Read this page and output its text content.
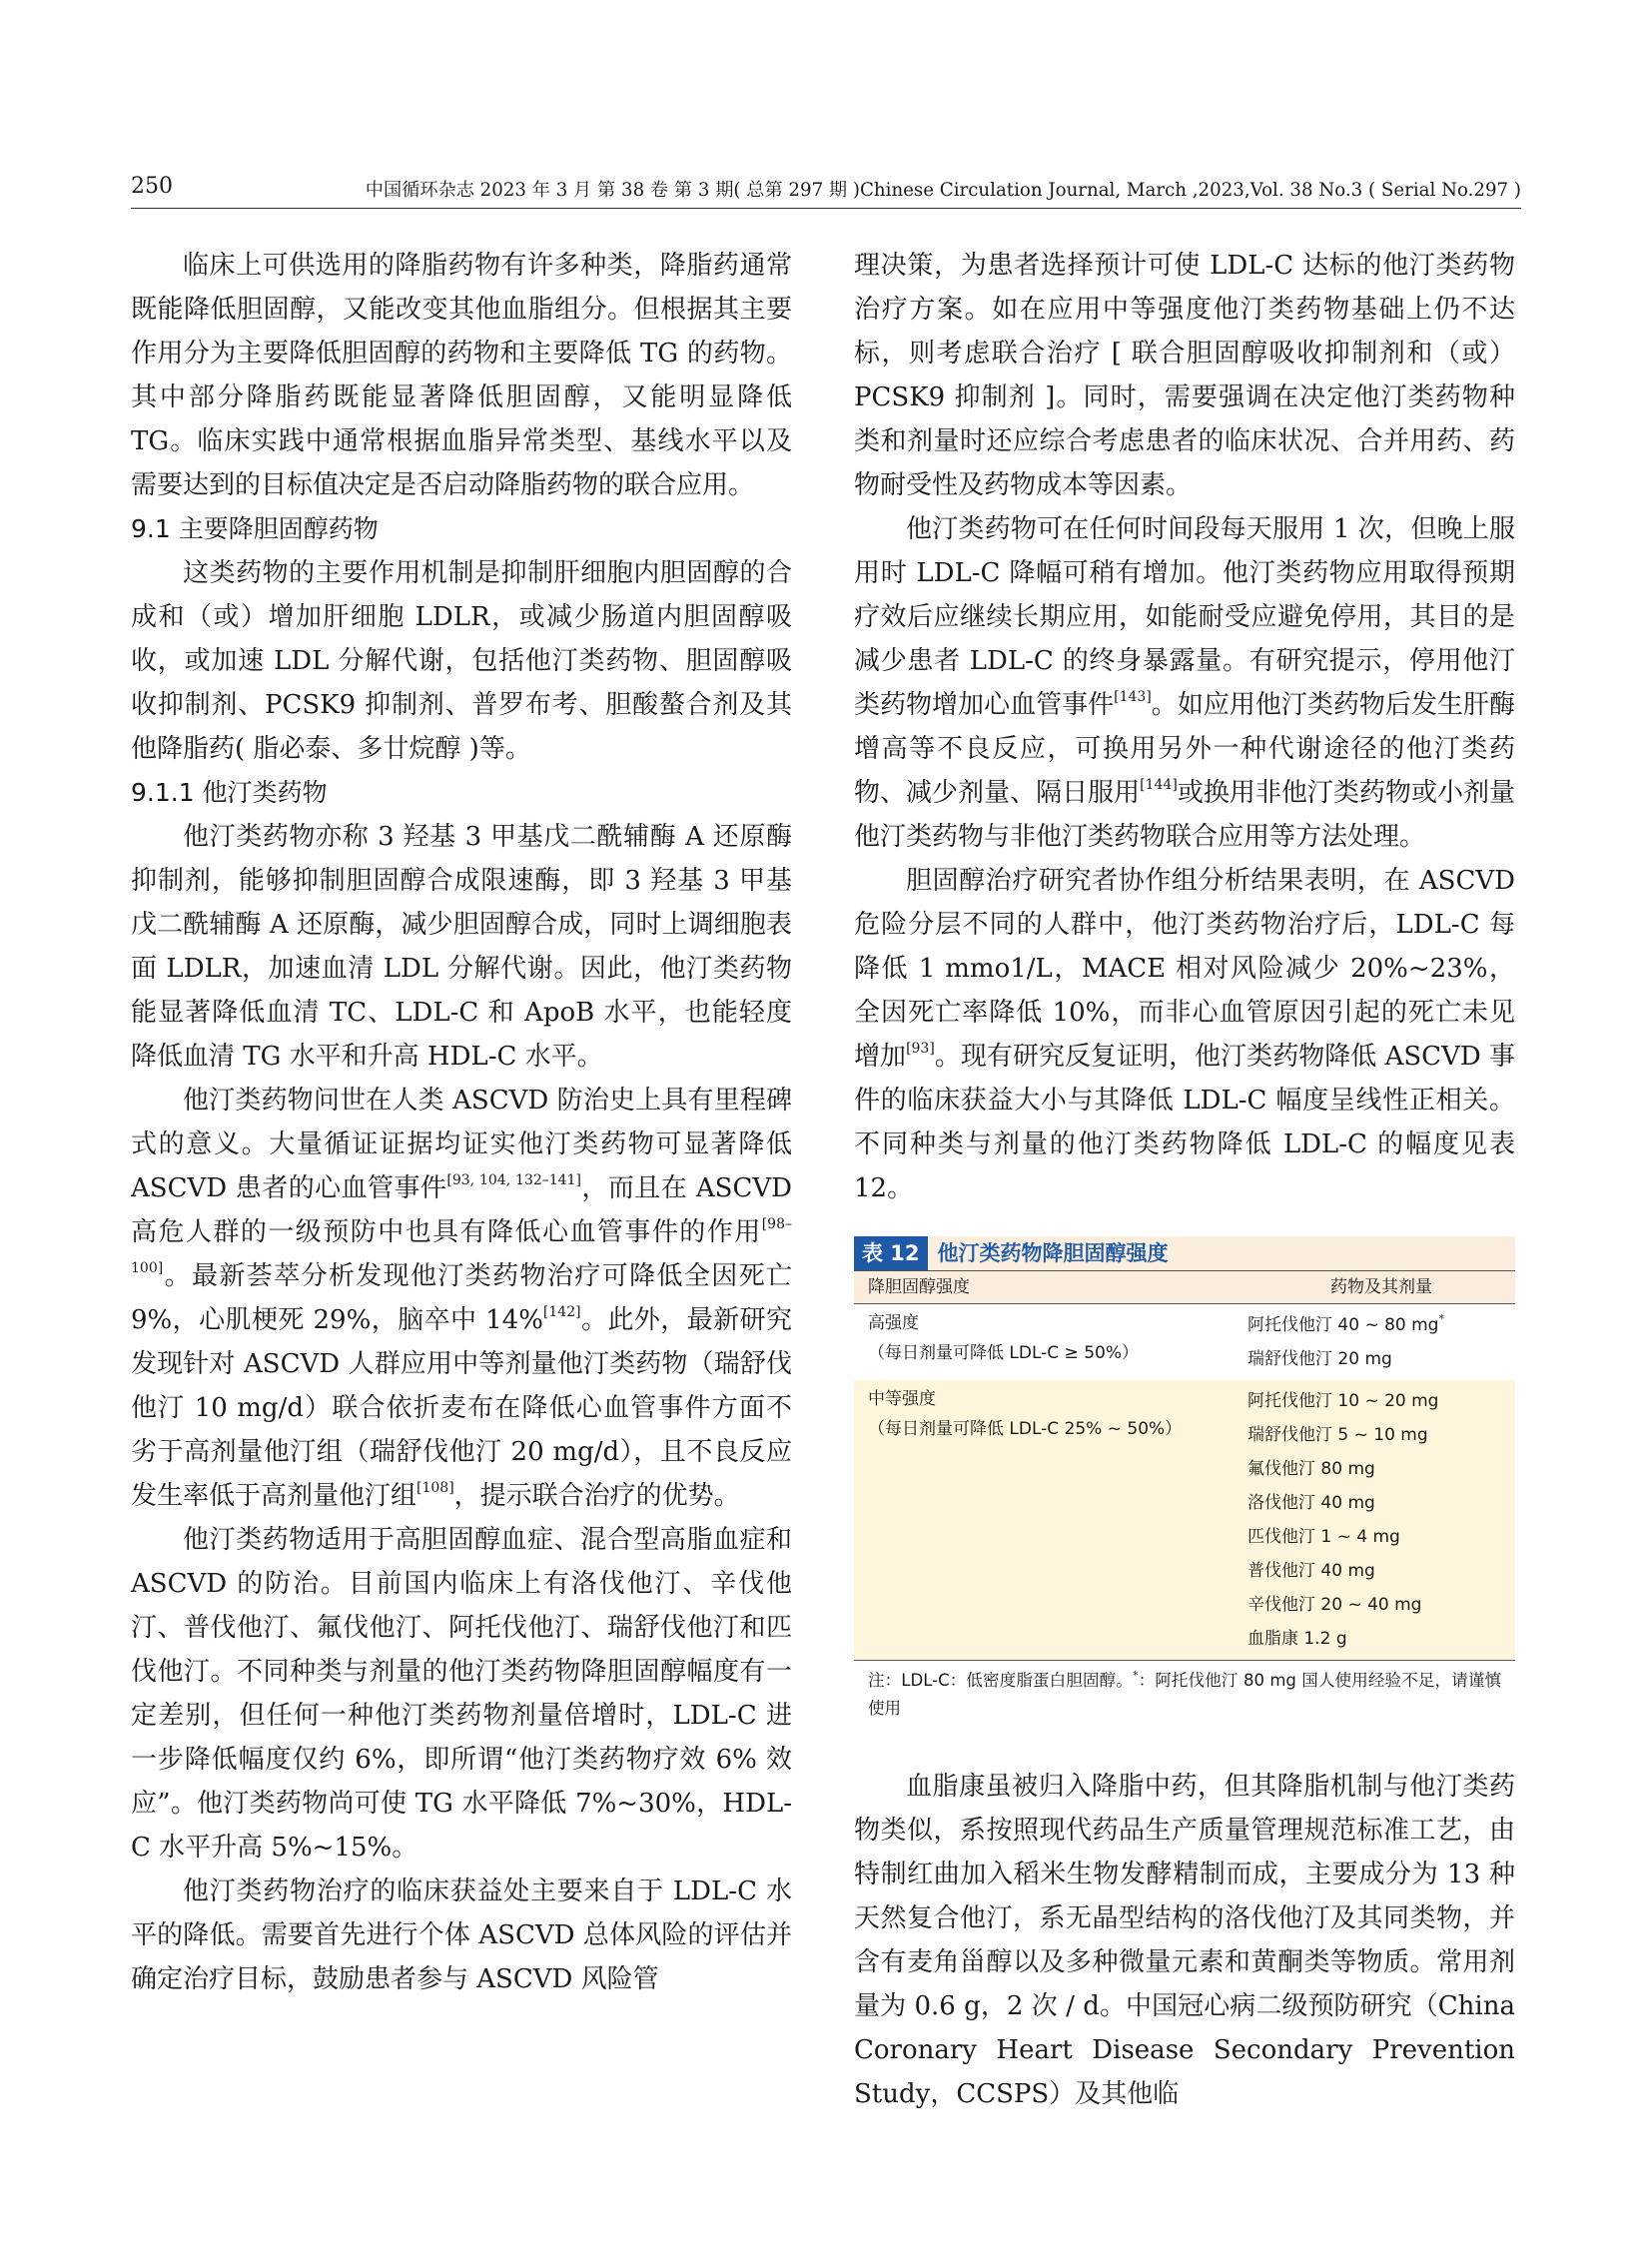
250	中国循环杂志 2023 年 3 月 第 38 卷 第 3 期( 总第 297 期 )Chinese Circulation Journal, March ,2023,Vol. 38 No.3 ( Serial No.297 )

临床上可供选用的降脂药物有许多种类，降脂药通常既能降低胆固醇，又能改变其他血脂组分。但根据其主要作用分为主要降低胆固醇的药物和主要降低 TG 的药物。其中部分降脂药既能显著降低胆固醇，又能明显降低 TG。临床实践中通常根据血脂异常类型、基线水平以及需要达到的目标值决定是否启动降脂药物的联合应用。

9.1 主要降胆固醇药物

这类药物的主要作用机制是抑制肝细胞内胆固醇的合成和（或）增加肝细胞 LDLR，或减少肠道内胆固醇吸收，或加速 LDL 分解代谢，包括他汀类药物、胆固醇吸收抑制剂、PCSK9 抑制剂、普罗布考、胆酸螯合剂及其他降脂药( 脂必泰、多廿烷醇 )等。

9.1.1 他汀类药物

他汀类药物亦称 3 羟基 3 甲基戊二酰辅酶 A 还原酶抑制剂，能够抑制胆固醇合成限速酶，即 3 羟基 3 甲基戊二酰辅酶 A 还原酶，减少胆固醇合成，同时上调细胞表面 LDLR，加速血清 LDL 分解代谢。因此，他汀类药物能显著降低血清 TC、LDL-C 和 ApoB 水平，也能轻度降低血清 TG 水平和升高 HDL-C 水平。

他汀类药物问世在人类 ASCVD 防治史上具有里程碑式的意义。大量循证证据均证实他汀类药物可显著降低 ASCVD 患者的心血管事件[93, 104, 132–141]，而且在 ASCVD 高危人群的一级预防中也具有降低心血管事件的作用[98–100]。最新荟萃分析发现他汀类药物治疗可降低全因死亡 9%，心肌梗死 29%，脑卒中 14%[142]。此外，最新研究发现针对 ASCVD 人群应用中等剂量他汀类药物（瑞舒伐他汀 10 mg/d）联合依折麦布在降低心血管事件方面不劣于高剂量他汀组（瑞舒伐他汀 20 mg/d），且不良反应发生率低于高剂量他汀组[108]，提示联合治疗的优势。

他汀类药物适用于高胆固醇血症、混合型高脂血症和 ASCVD 的防治。目前国内临床上有洛伐他汀、辛伐他汀、普伐他汀、氟伐他汀、阿托伐他汀、瑞舒伐他汀和匹伐他汀。不同种类与剂量的他汀类药物降胆固醇幅度有一定差别，但任何一种他汀类药物剂量倍增时，LDL-C 进一步降低幅度仅约 6%，即所谓“他汀类药物疗效 6% 效应”。他汀类药物尚可使 TG 水平降低 7%~30%，HDL-C 水平升高 5%~15%。

他汀类药物治疗的临床获益处主要来自于 LDL-C 水平的降低。需要首先进行个体 ASCVD 总体风险的评估并确定治疗目标，鼓励患者参与 ASCVD 风险管

理决策，为患者选择预计可使 LDL-C 达标的他汀类药物治疗方案。如在应用中等强度他汀类药物基础上仍不达标，则考虑联合治疗 [ 联合胆固醇吸收抑制剂和（或）PCSK9 抑制剂 ]。同时，需要强调在决定他汀类药物种类和剂量时还应综合考虑患者的临床状况、合并用药、药物耐受性及药物成本等因素。

他汀类药物可在任何时间段每天服用 1 次，但晚上服用时 LDL-C 降幅可稍有增加。他汀类药物应用取得预期疗效后应继续长期应用，如能耐受应避免停用，其目的是减少患者 LDL-C 的终身暴露量。有研究提示，停用他汀类药物增加心血管事件[143]。如应用他汀类药物后发生肝酶增高等不良反应，可换用另外一种代谢途径的他汀类药物、减少剂量、隔日服用[144]或换用非他汀类药物或小剂量他汀类药物与非他汀类药物联合应用等方法处理。

胆固醇治疗研究者协作组分析结果表明，在 ASCVD 危险分层不同的人群中，他汀类药物治疗后，LDL-C 每降低 1 mmo1/L，MACE 相对风险减少 20%~23%，全因死亡率降低 10%，而非心血管原因引起的死亡未见增加[93]。现有研究反复证明，他汀类药物降低 ASCVD 事件的临床获益大小与其降低 LDL-C 幅度呈线性正相关。不同种类与剂量的他汀类药物降低 LDL-C 的幅度见表 12。

表 12 他汀类药物降胆固醇强度
降胆固醇强度	药物及其剂量
高强度
（每日剂量可降低 LDL-C ≥ 50%）
阿托伐他汀 40 ~ 80 mg*
瑞舒伐他汀 20 mg
中等强度
（每日剂量可降低 LDL-C 25% ~ 50%）
阿托伐他汀 10 ~ 20 mg
瑞舒伐他汀 5 ~ 10 mg
氟伐他汀 80 mg
洛伐他汀 40 mg
匹伐他汀 1 ~ 4 mg
普伐他汀 40 mg
辛伐他汀 20 ~ 40 mg
血脂康 1.2 g
注：LDL-C：低密度脂蛋白胆固醇。*：阿托伐他汀 80 mg 国人使用经验不足，请谨慎使用

血脂康虽被归入降脂中药，但其降脂机制与他汀类药物类似，系按照现代药品生产质量管理规范标准工艺，由特制红曲加入稻米生物发酵精制而成，主要成分为 13 种天然复合他汀，系无晶型结构的洛伐他汀及其同类物，并含有麦角甾醇以及多种微量元素和黄酮类等物质。常用剂量为 0.6 g，2 次 / d。中国冠心病二级预防研究（China Coronary Heart Disease Secondary Prevention Study，CCSPS）及其他临
